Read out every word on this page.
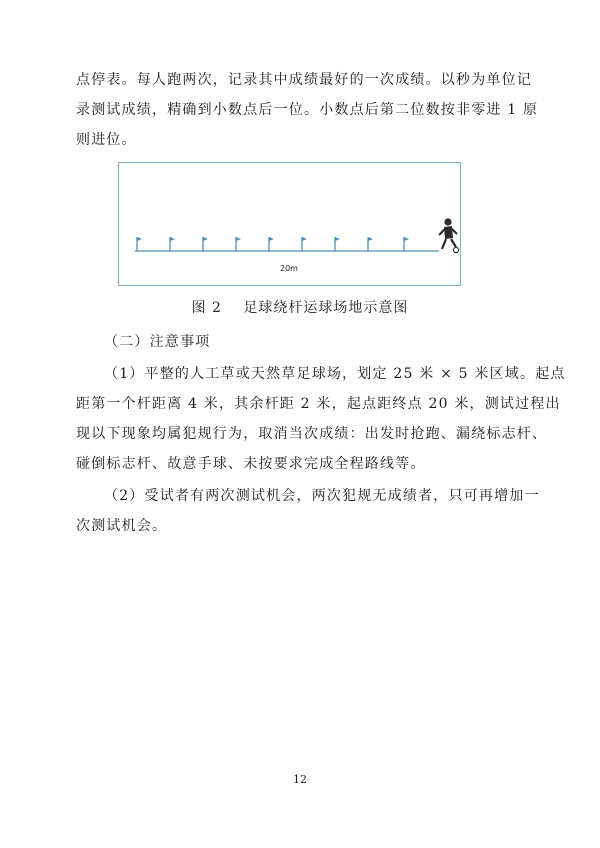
点停表。每人跑两次，记录其中成绩最好的一次成绩。以秒为单位记

录测试成绩，精确到小数点后一位。小数点后第二位数按非零进 1 原

则进位。

20m
图 2 足球绕杆运球场地示意图

（二）注意事项

（1）平整的人工草或天然草足球场，划定 25 米 × 5 米区域。起点

距第一个杆距离 4 米，其余杆距 2 米，起点距终点 20 米，测试过程出

现以下现象均属犯规行为，取消当次成绩：出发时抢跑、漏绕标志杆、

碰倒标志杆、故意手球、未按要求完成全程路线等。

（2）受试者有两次测试机会，两次犯规无成绩者，只可再增加一

次测试机会。

12
